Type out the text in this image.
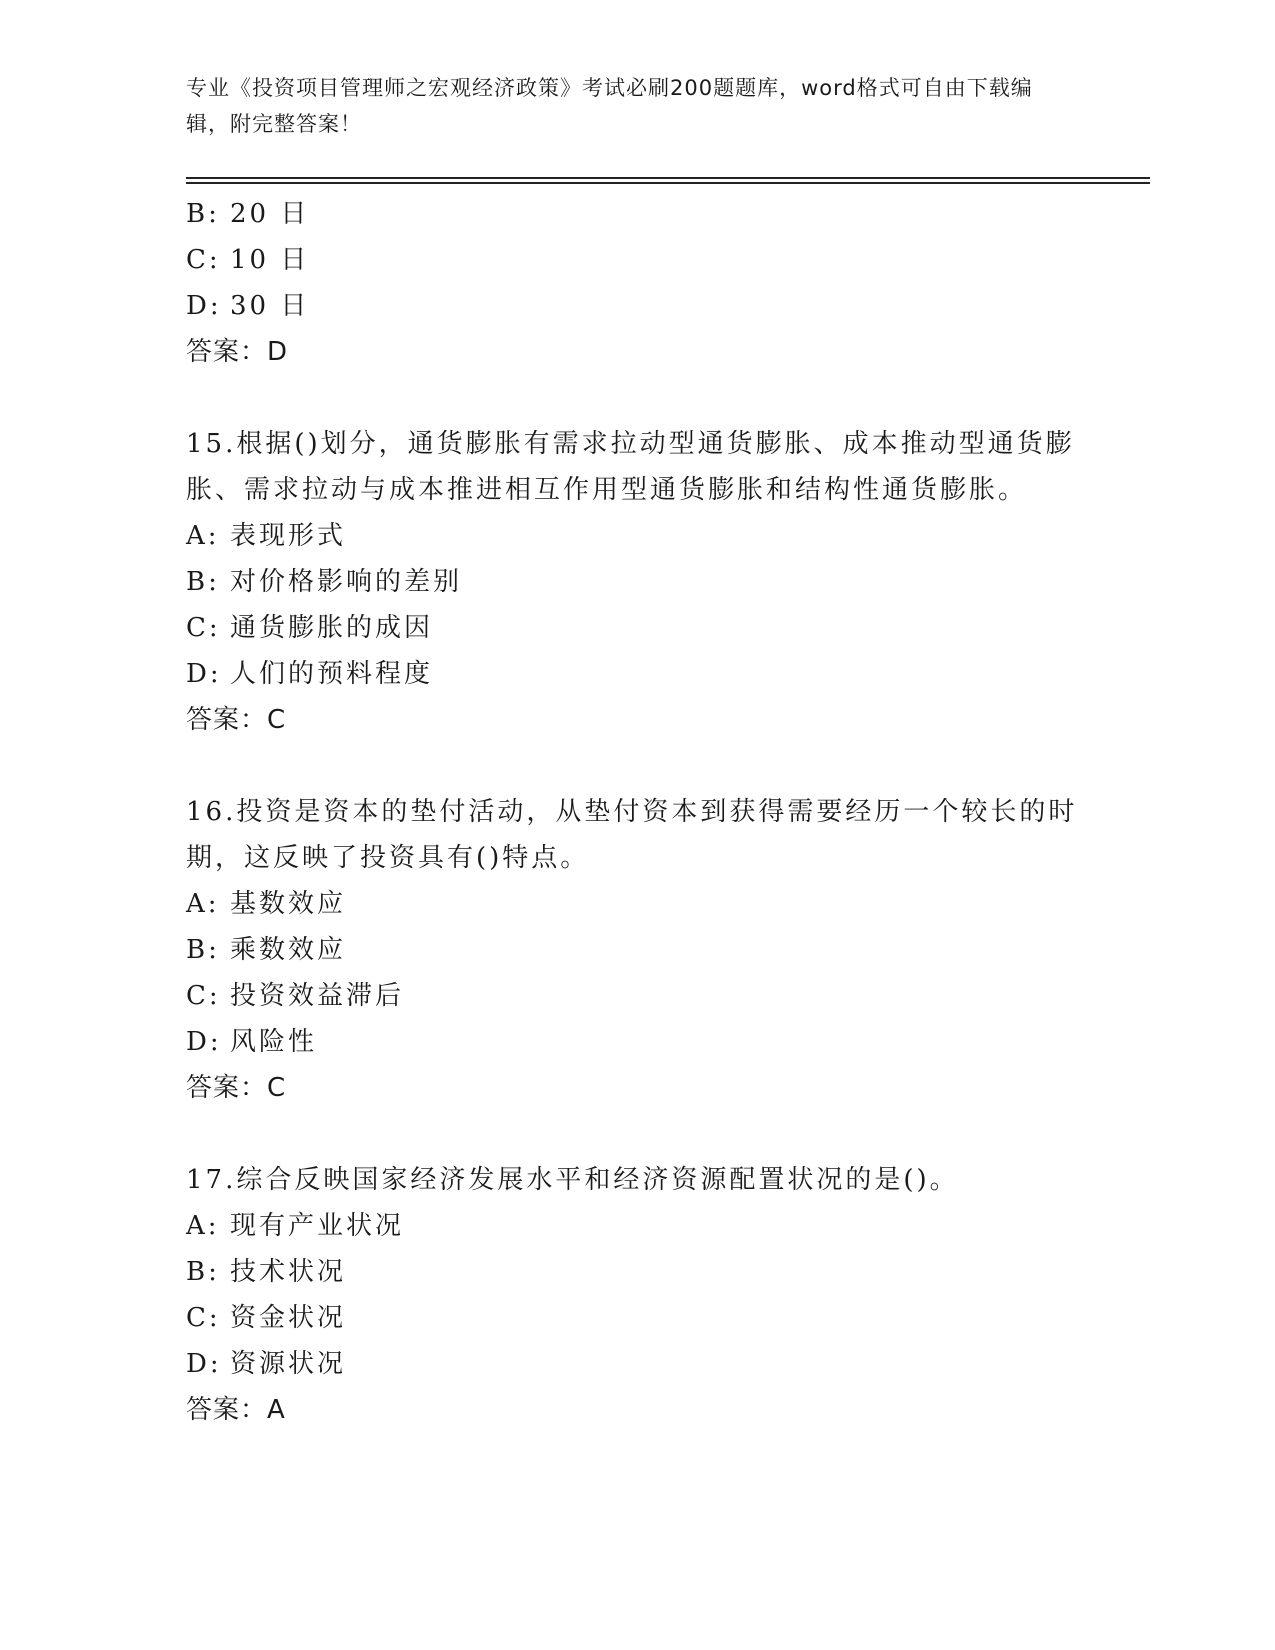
专业《投资项目管理师之宏观经济政策》考试必刷200题题库，word格式可自由下载编辑，附完整答案！
B: 20 日
C: 10 日
D: 30 日
答案：D
15.根据()划分，通货膨胀有需求拉动型通货膨胀、成本推动型通货膨胀、需求拉动与成本推进相互作用型通货膨胀和结构性通货膨胀。
A: 表现形式
B: 对价格影响的差别
C: 通货膨胀的成因
D: 人们的预料程度
答案：C
16.投资是资本的垫付活动，从垫付资本到获得需要经历一个较长的时期，这反映了投资具有()特点。
A: 基数效应
B: 乘数效应
C: 投资效益滞后
D: 风险性
答案：C
17.综合反映国家经济发展水平和经济资源配置状况的是()。
A: 现有产业状况
B: 技术状况
C: 资金状况
D: 资源状况
答案：A
